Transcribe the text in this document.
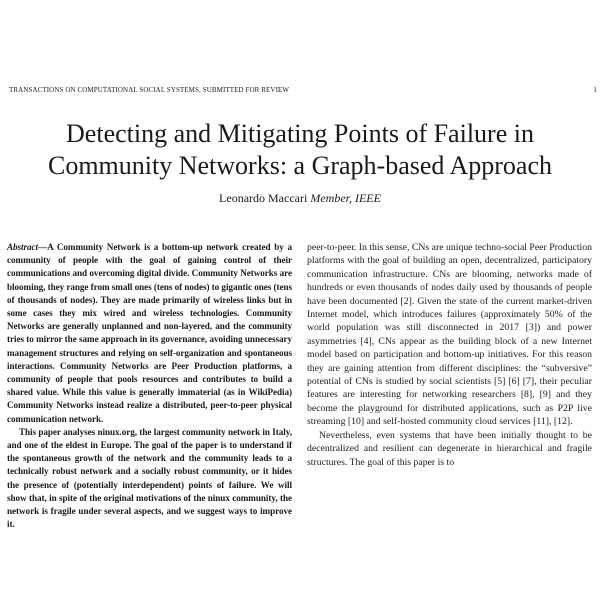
TRANSACTIONS ON COMPUTATIONAL SOCIAL SYSTEMS, SUBMITTED FOR REVIEW	1
Detecting and Mitigating Points of Failure in
Community Networks: a Graph-based Approach
Leonardo Maccari Member, IEEE

Abstract—A Community Network is a bottom-up network created by a community of people with the goal of gaining control of their communications and overcoming digital divide. Community Networks are blooming, they range from small ones (tens of nodes) to gigantic ones (tens of thousands of nodes). They are made primarily of wireless links but in some cases they mix wired and wireless technologies. Community Networks are generally unplanned and non-layered, and the community tries to mirror the same approach in its governance, avoiding unnecessary management structures and relying on self-organization and spontaneous interactions. Community Networks are Peer Production platforms, a community of people that pools resources and contributes to build a shared value. While this value is generally immaterial (as in WikiPedia) Community Networks instead realize a distributed, peer-to-peer physical communication network.

This paper analyses ninux.org, the largest community network in Italy, and one of the eldest in Europe. The goal of the paper is to understand if the spontaneous growth of the network and the community leads to a technically robust network and a socially robust community, or it hides the presence of (potentially interdependent) points of failure. We will show that, in spite of the original motivations of the ninux community, the network is fragile under several aspects, and we suggest ways to improve it.

peer-to-peer. In this sense, CNs are unique techno-social Peer Production platforms with the goal of building an open, decentralized, participatory communication infrastructure. CNs are blooming, networks made of hundreds or even thousands of nodes daily used by thousands of people have been documented [2]. Given the state of the current market-driven Internet model, which introduces failures (approximately 50% of the world population was still disconnected in 2017 [3]) and power asymmetries [4], CNs appear as the building block of a new Internet model based on participation and bottom-up initiatives. For this reason they are gaining attention from different disciplines: the “subversive” potential of CNs is studied by social scientists [5] [6] [7], their peculiar features are interesting for networking researchers [8], [9] and they become the playground for distributed applications, such as P2P live streaming [10] and self-hosted community cloud services [11], [12].

Nevertheless, even systems that have been initially thought to be decentralized and resilient can degenerate in hierarchical and fragile structures. The goal of this paper is to
